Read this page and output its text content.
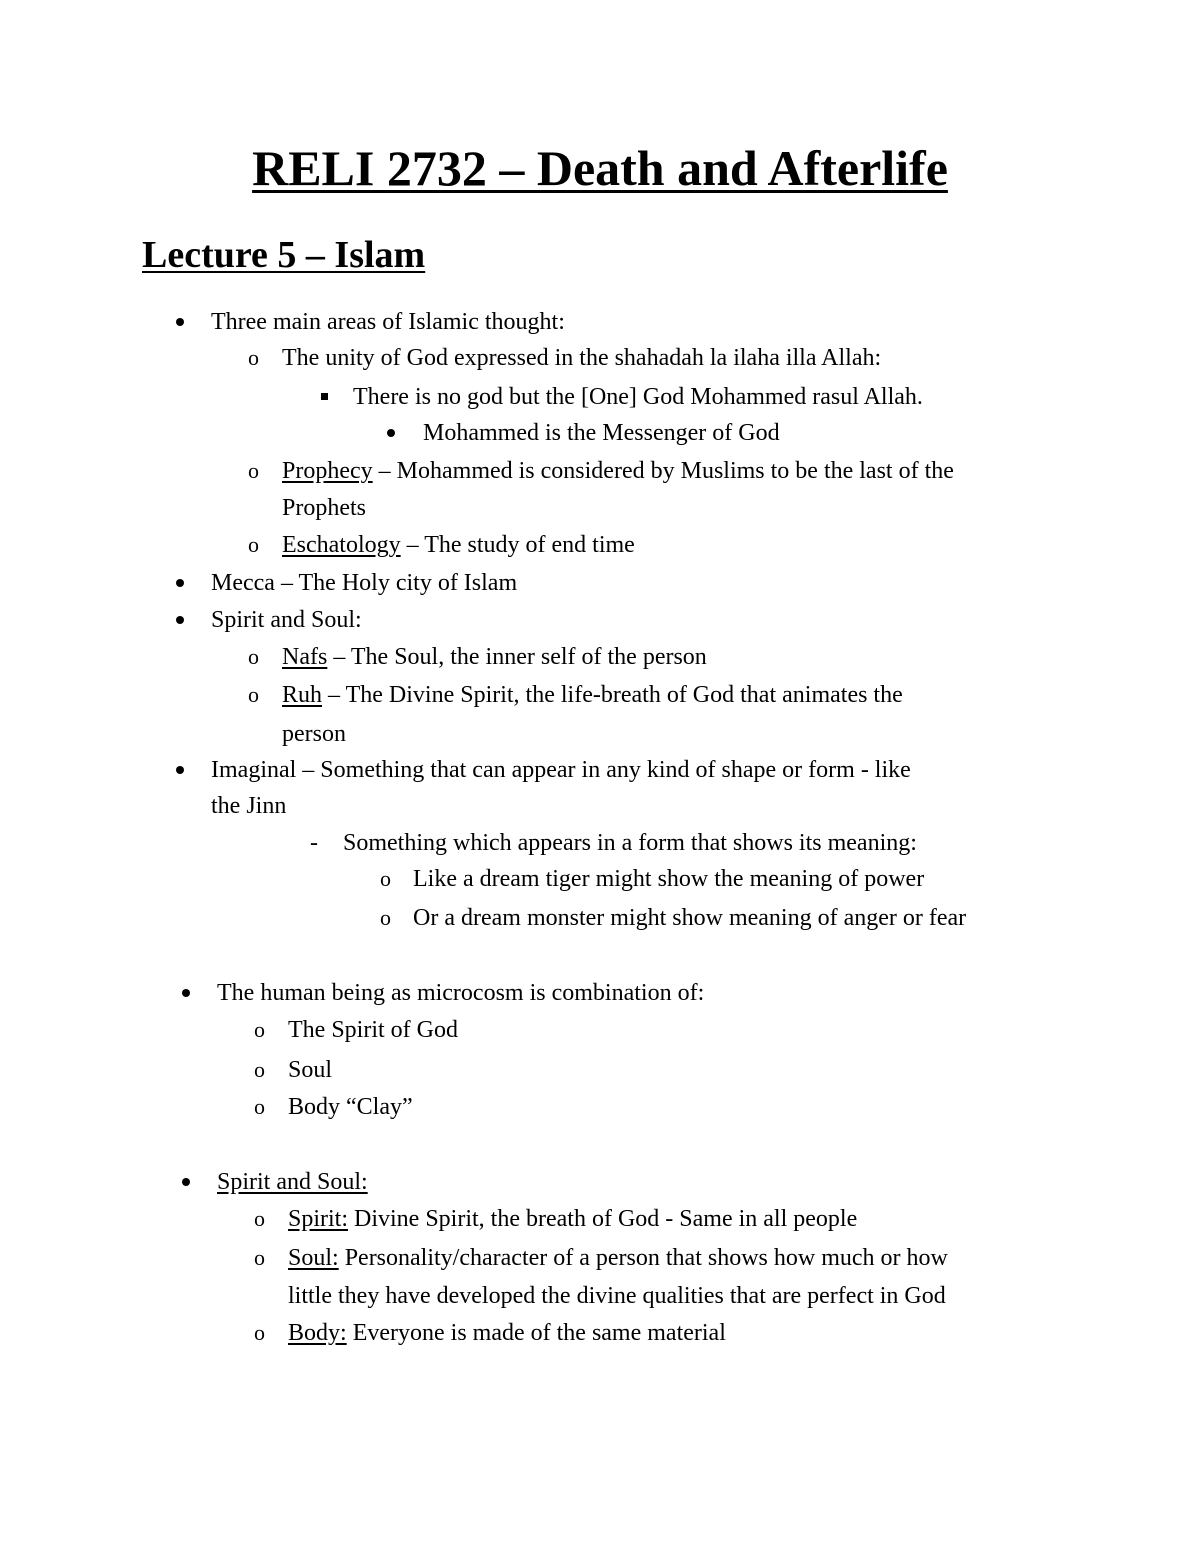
RELI 2732 – Death and Afterlife
Lecture 5 – Islam
Three main areas of Islamic thought:
o The unity of God expressed in the shahadah la ilaha illa Allah:
There is no god but the [One] God Mohammed rasul Allah.
Mohammed is the Messenger of God
o Prophecy – Mohammed is considered by Muslims to be the last of the
Prophets
o Eschatology – The study of end time
Mecca – The Holy city of Islam
Spirit and Soul:
o Nafs – The Soul, the inner self of the person
o Ruh – The Divine Spirit, the life-breath of God that animates the
person
Imaginal – Something that can appear in any kind of shape or form - like
the Jinn
- Something which appears in a form that shows its meaning:
o Like a dream tiger might show the meaning of power
o Or a dream monster might show meaning of anger or fear
The human being as microcosm is combination of:
o The Spirit of God
o Soul
o Body “Clay”
Spirit and Soul:
o Spirit: Divine Spirit, the breath of God - Same in all people
o Soul: Personality/character of a person that shows how much or how
little they have developed the divine qualities that are perfect in God
o Body: Everyone is made of the same material
